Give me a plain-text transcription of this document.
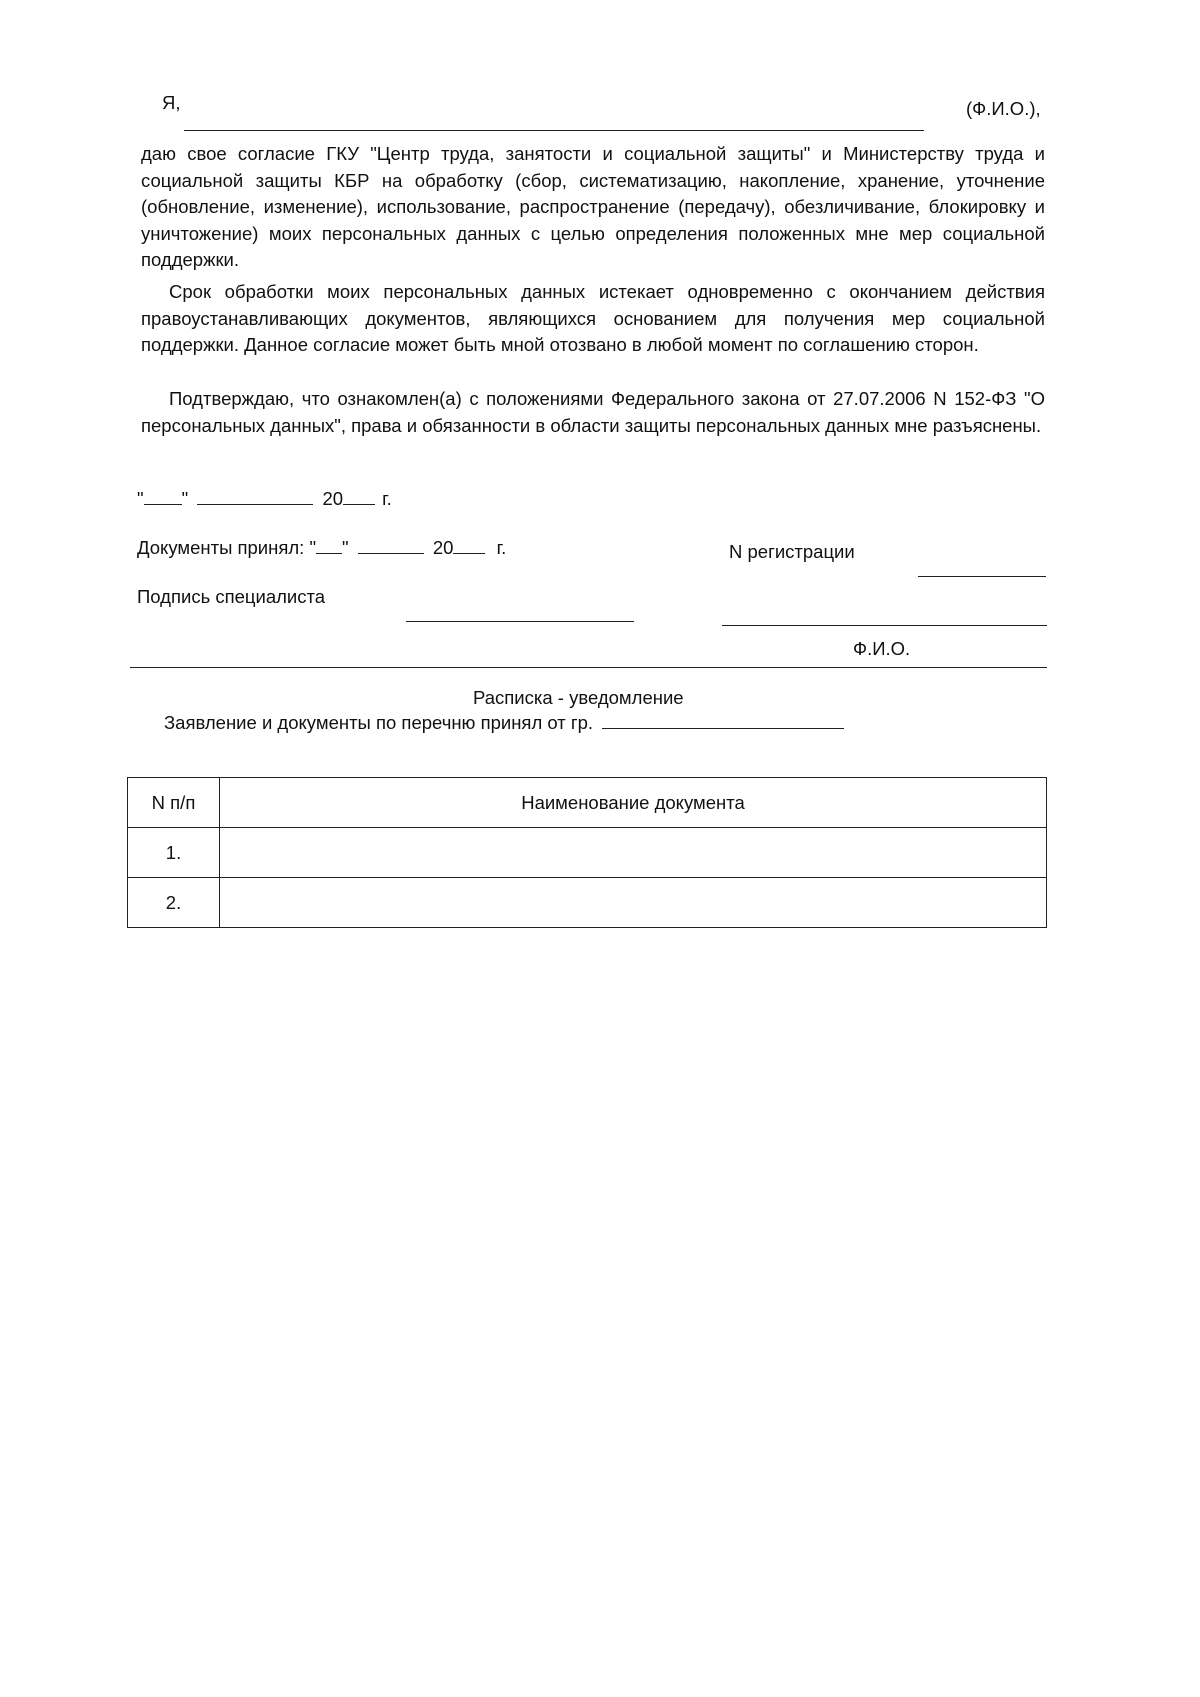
Я,	(Ф.И.О.),
даю свое согласие ГКУ "Центр труда, занятости и социальной защиты" и Министерству труда и социальной защиты КБР на обработку (сбор, систематизацию, накопление, хранение, уточнение (обновление, изменение), использование, распространение (передачу), обезличивание, блокировку и уничтожение) моих персональных данных с целью определения положенных мне мер социальной поддержки.
Срок обработки моих персональных данных истекает одновременно с окончанием действия правоустанавливающих документов, являющихся основанием для получения мер социальной поддержки. Данное согласие может быть мной отозвано в любой момент по соглашению сторон.
Подтверждаю, что ознакомлен(а) с положениями Федерального закона от 27.07.2006 N 152-ФЗ "О персональных данных", права и обязанности в области защиты персональных данных мне разъяснены.
" "	20 г.
Документы принял: " "	20 г.	N регистрации
Подпись специалиста
Ф.И.О.
Расписка - уведомление
Заявление и документы по перечню принял от гр.
N п/п	Наименование документа
1.	
2.	
